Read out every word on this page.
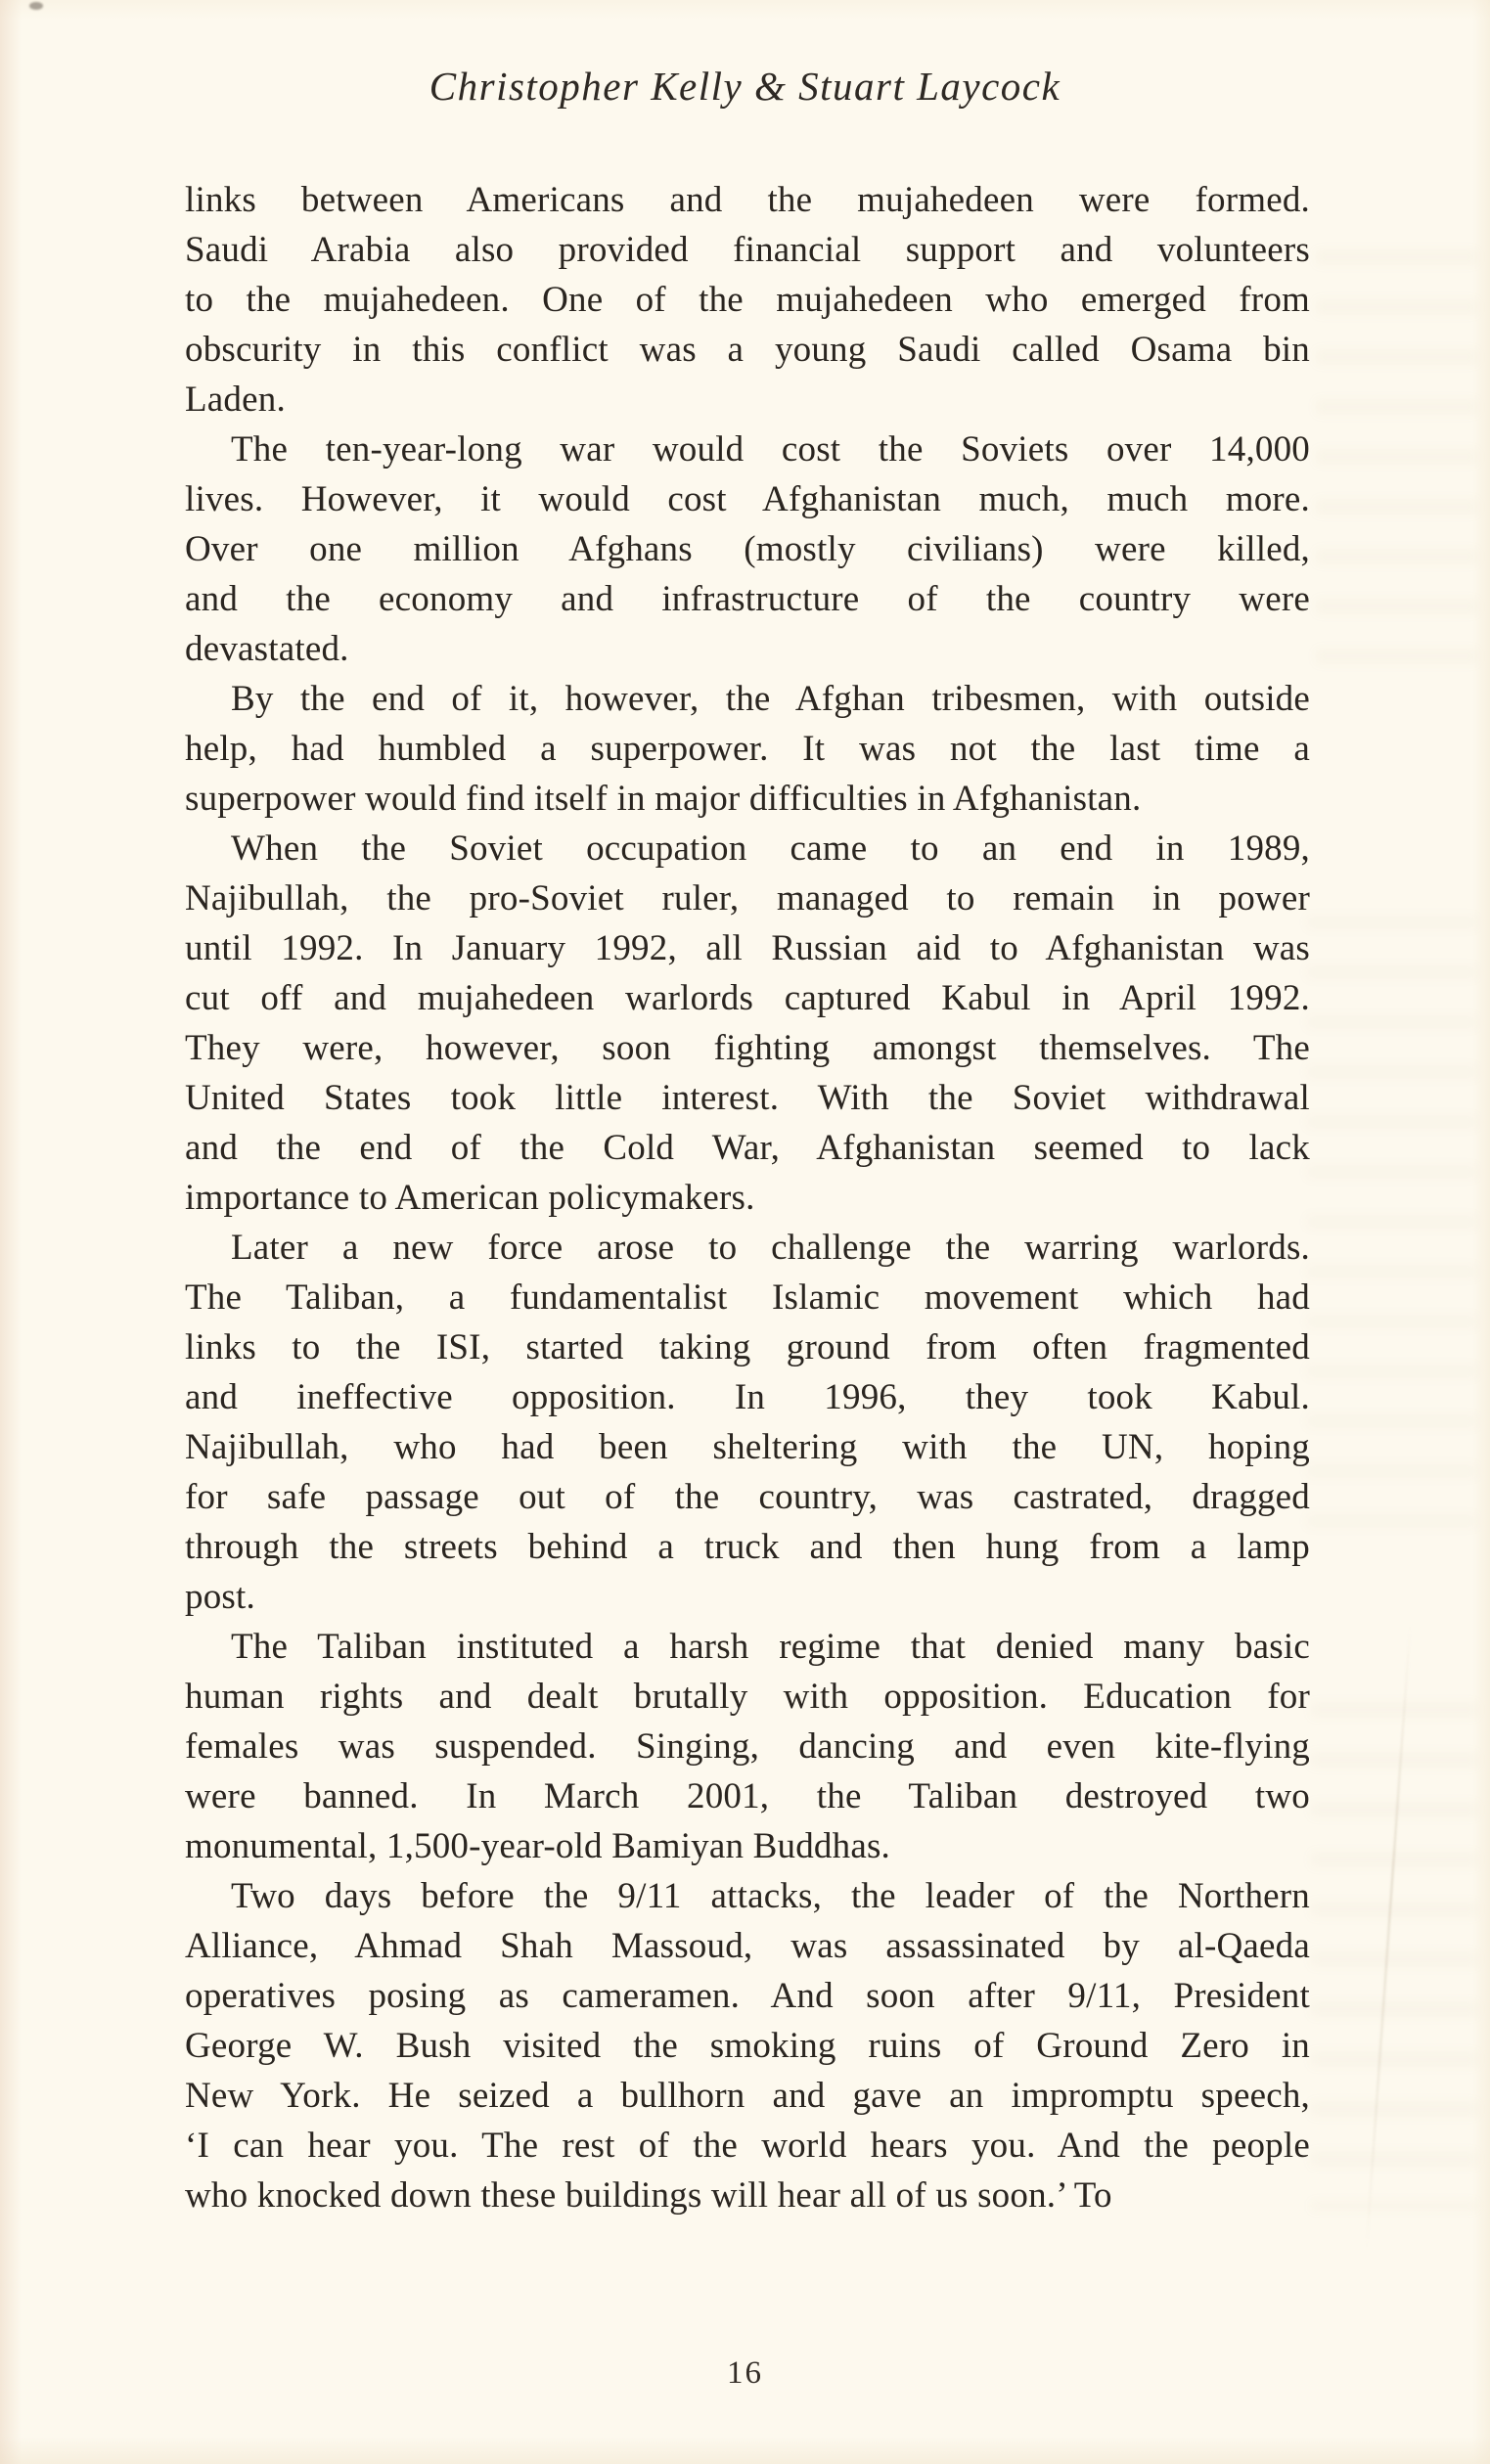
Christopher Kelly & Stuart Laycock
links between Americans and the mujahedeen were formed.
Saudi Arabia also provided financial support and volunteers
to the mujahedeen. One of the mujahedeen who emerged from
obscurity in this conflict was a young Saudi called Osama bin
Laden.
The ten-year-long war would cost the Soviets over 14,000
lives. However, it would cost Afghanistan much, much more.
Over one million Afghans (mostly civilians) were killed,
and the economy and infrastructure of the country were
devastated.
By the end of it, however, the Afghan tribesmen, with outside
help, had humbled a superpower. It was not the last time a
superpower would find itself in major difficulties in Afghanistan.
When the Soviet occupation came to an end in 1989,
Najibullah, the pro-Soviet ruler, managed to remain in power
until 1992. In January 1992, all Russian aid to Afghanistan was
cut off and mujahedeen warlords captured Kabul in April 1992.
They were, however, soon fighting amongst themselves. The
United States took little interest. With the Soviet withdrawal
and the end of the Cold War, Afghanistan seemed to lack
importance to American policymakers.
Later a new force arose to challenge the warring warlords.
The Taliban, a fundamentalist Islamic movement which had
links to the ISI, started taking ground from often fragmented
and ineffective opposition. In 1996, they took Kabul.
Najibullah, who had been sheltering with the UN, hoping
for safe passage out of the country, was castrated, dragged
through the streets behind a truck and then hung from a lamp
post.
The Taliban instituted a harsh regime that denied many basic
human rights and dealt brutally with opposition. Education for
females was suspended. Singing, dancing and even kite-flying
were banned. In March 2001, the Taliban destroyed two
monumental, 1,500-year-old Bamiyan Buddhas.
Two days before the 9/11 attacks, the leader of the Northern
Alliance, Ahmad Shah Massoud, was assassinated by al-Qaeda
operatives posing as cameramen. And soon after 9/11, President
George W. Bush visited the smoking ruins of Ground Zero in
New York. He seized a bullhorn and gave an impromptu speech,
‘I can hear you. The rest of the world hears you. And the people
who knocked down these buildings will hear all of us soon.’ To
16
